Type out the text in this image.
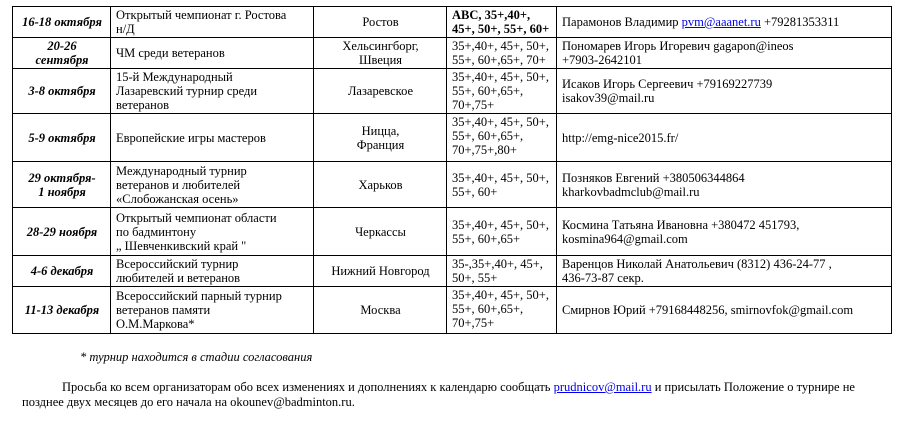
16-18 октября	Открытый чемпионат г. Ростова
н/Д	Ростов	АВС, 35+,40+,
45+, 50+, 55+, 60+	Парамонов Владимир pvm@aaanet.ru +79281353311
20-26
сентября	ЧМ среди ветеранов	Хельсингборг,
Швеция	35+,40+, 45+, 50+,
55+, 60+,65+, 70+	Пономарев Игорь Игоревич gagapon@ineos
+7903-2642101
3-8 октября	15-й Международный
Лазаревский турнир среди
ветеранов	Лазаревское	35+,40+, 45+, 50+,
55+, 60+,65+,
70+,75+	Исаков Игорь Сергеевич +79169227739
isakov39@mail.ru
5-9 октября	Европейские игры мастеров	Ницца,
Франция	35+,40+, 45+, 50+,
55+, 60+,65+,
70+,75+,80+	http://emg-nice2015.fr/
29 октября-
1 ноября	Международный турнир
ветеранов и любителей
«Слобожанская осень»	Харьков	35+,40+, 45+, 50+,
55+, 60+	Позняков Евгений +380506344864
kharkovbadmclub@mail.ru
28-29 ноября	Открытый чемпионат области
по бадминтону
„ Шевченкивский край "	Черкассы	35+,40+, 45+, 50+,
55+, 60+,65+	Космина Татьяна Ивановна +380472 451793,
kosmina964@gmail.com
4-6 декабря	Всероссийский турнир
любителей и ветеранов	Нижний Новгород	35-,35+,40+, 45+,
50+, 55+	Варенцов Николай Анатольевич (8312) 436-24-77 ,
436-73-87 секр.
11-13 декабря	Всероссийский парный турнир
ветеранов памяти
О.М.Маркова*	Москва	35+,40+, 45+, 50+,
55+, 60+,65+,
70+,75+	Смирнов Юрий +79168448256, smirnovfok@gmail.com
* турнир находится в стадии согласования
Просьба ко всем организаторам обо всех изменениях и дополнениях к календарю сообщать prudnicov@mail.ru и присылать Положение о турнире не позднее двух месяцев до его начала на okounev@badminton.ru.
